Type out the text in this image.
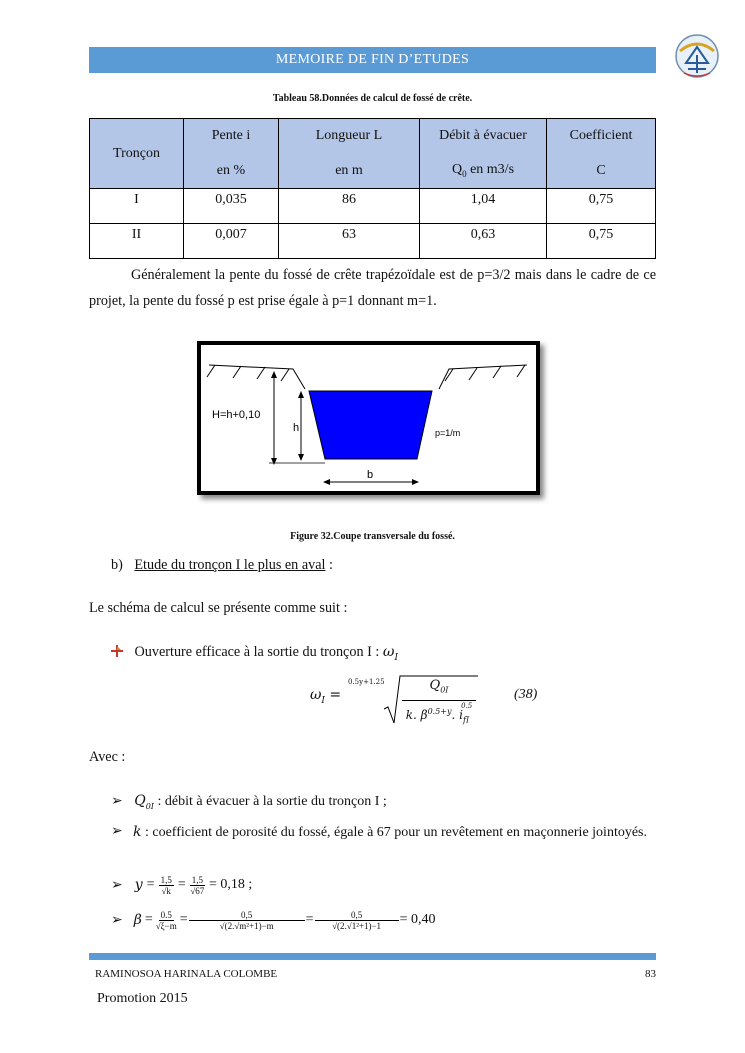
MEMOIRE DE FIN D’ETUDES
Tableau 58.Données de calcul de fossé de crête.
Tronçon	Pente i	Longueur L	Débit à évacuer	Coefficient
	en %	en m	$Q_0$ en m3/s	C
I	0,035	86	1,04	0,75
II	0,007	63	0,63	0,75
Généralement la pente du fossé de crête trapézoïdale est de p=3/2 mais dans le cadre de ce projet, la pente du fossé p est prise égale à p=1 donnant m=1.
H=h+0,10
h	p=1/m
b
Figure 32.Coupe transversale du fossé.
b) Etude du tronçon I le plus en aval :
Le schéma de calcul se présente comme suit :
Ouverture efficace à la sortie du tronçon I : $\omega_I$
$\omega_I$ =
0.5y+1.25	$Q_{0I}$
k. $\beta^{0.5+y}$. $i_{fI}^{0.5}$
(38)
Avec :
➢ $Q_{0I}$ : débit à évacuer à la sortie du tronçon I ;
➢ k : coefficient de porosité du fossé, égale à 67 pour un revêtement en maçonnerie jointoyés.
➢ $y = \frac{1,5}{√k} = \frac{1,5}{√67} = 0,18$ ;
➢ $\beta = \frac{0.5}{√\xi-m} = \frac{0,5}{\text{√(2.√m²+1)−m}} = \frac{0,5}{\text{√(2.√1²+1)−1}} = 0,40$
RAMINOSOA HARINALA COLOMBE	83
Promotion 2015
